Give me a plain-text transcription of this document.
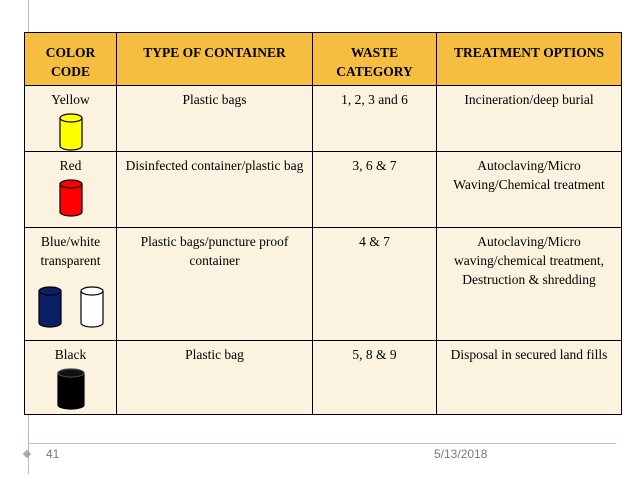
COLOR CODE	TYPE OF CONTAINER	WASTE CATEGORY	TREATMENT OPTIONS

Yellow	Plastic bags	1, 2, 3 and 6	Incineration/deep burial

Red	Disinfected container/plastic bag	3, 6 & 7	Autoclaving/Micro Waving/Chemical treatment

Blue/white transparent	Plastic bags/puncture proof container	4 & 7	Autoclaving/Micro waving/chemical treatment, Destruction & shredding

Black	Plastic bag	5, 8 & 9	Disposal in secured land fills
41	5/13/2018
